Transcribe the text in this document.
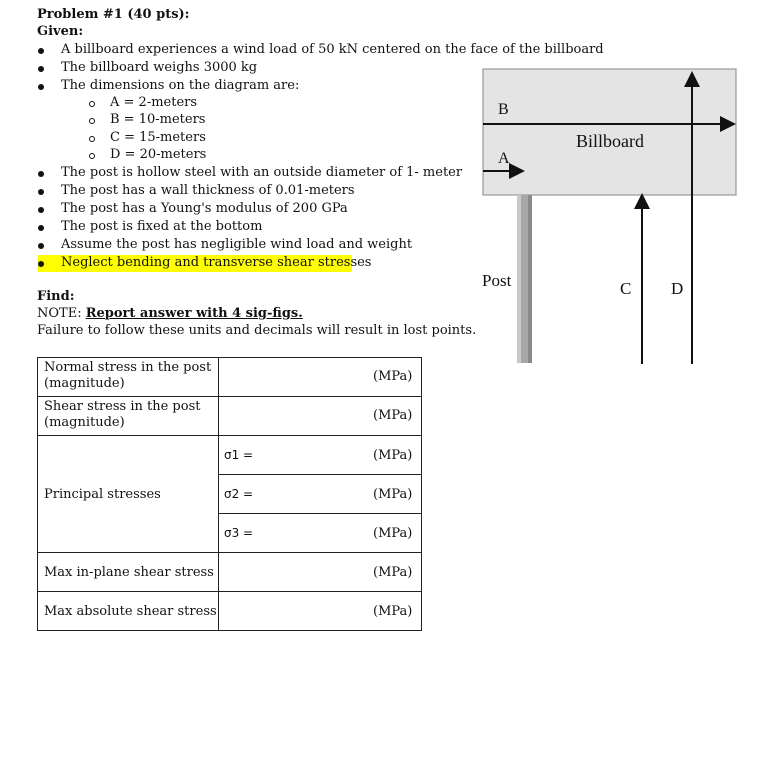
Problem #1 (40 pts):
Given:
A billboard experiences a wind load of 50 kN centered on the face of the billboard
The billboard weighs 3000 kg
The dimensions on the diagram are:
A = 2-meters
B = 10-meters
C = 15-meters
D = 20-meters
The post is hollow steel with an outside diameter of 1- meter
The post has a wall thickness of 0.01-meters
The post has a Young's modulus of 200 GPa
The post is fixed at the bottom
Assume the post has negligible wind load and weight
Neglect bending and transverse shear stresses
Find:
NOTE: Report answer with 4 sig-figs.
Failure to follow these units and decimals will result in lost points.
Normal stress in the post (magnitude)	(MPa)
Shear stress in the post (magnitude)	(MPa)
Principal stresses
σ1 =	(MPa)
σ2 =	(MPa)
σ3 =	(MPa)
Max in-plane shear stress	(MPa)
Max absolute shear stress	(MPa)
B
A
Billboard
Post	C D
